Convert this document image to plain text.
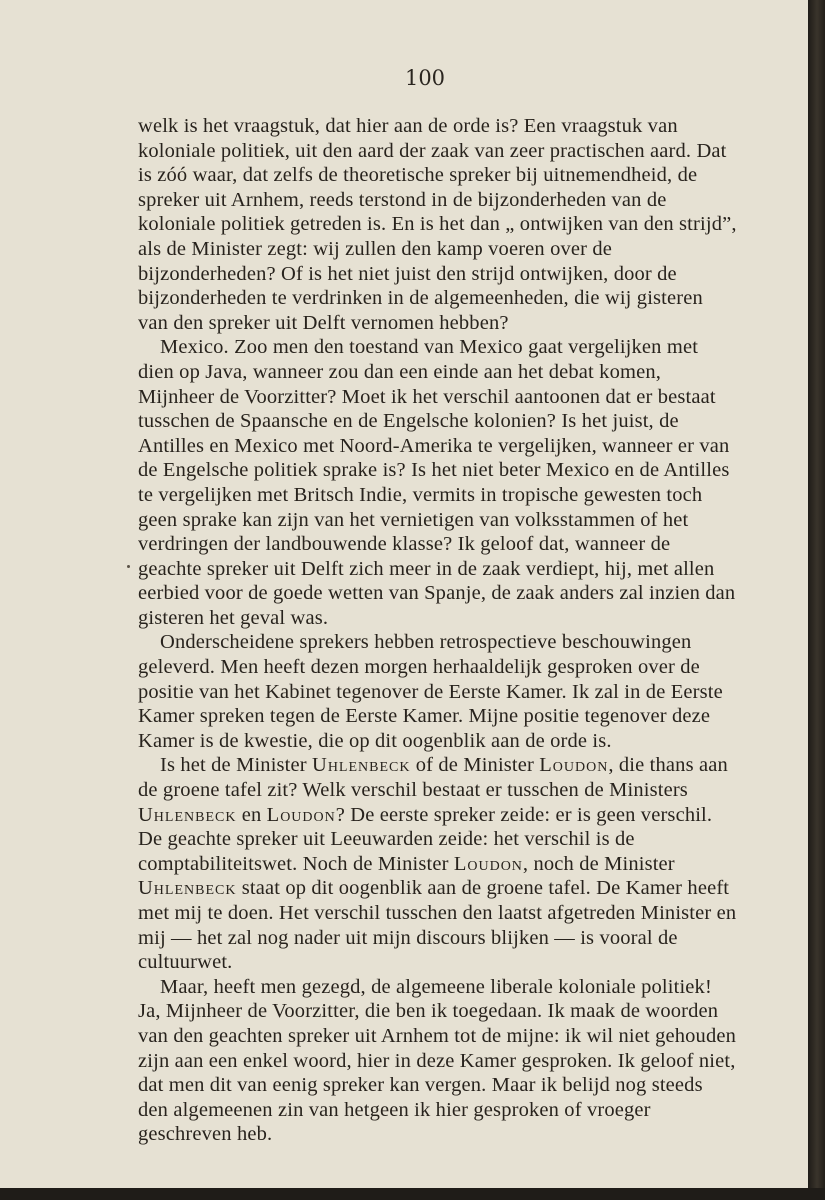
100

welk is het vraagstuk, dat hier aan de orde is? Een vraagstuk van koloniale politiek, uit den aard der zaak van zeer practischen aard. Dat is zóó waar, dat zelfs de theoretische spreker bij uitnemendheid, de spreker uit Arnhem, reeds terstond in de bijzonderheden van de koloniale politiek getreden is. En is het dan „ ontwijken van den strijd”, als de Minister zegt: wij zullen den kamp voeren over de bijzonderheden? Of is het niet juist den strijd ontwijken, door de bijzonderheden te verdrinken in de algemeenheden, die wij gisteren van den spreker uit Delft vernomen hebben?

Mexico. Zoo men den toestand van Mexico gaat vergelijken met dien op Java, wanneer zou dan een einde aan het debat komen, Mijnheer de Voorzitter? Moet ik het verschil aantoonen dat er bestaat tusschen de Spaansche en de Engelsche kolonien? Is het juist, de Antilles en Mexico met Noord-Amerika te vergelijken, wanneer er van de Engelsche politiek sprake is? Is het niet beter Mexico en de Antilles te vergelijken met Britsch Indie, vermits in tropische gewesten toch geen sprake kan zijn van het vernietigen van volksstammen of het verdringen der landbouwende klasse? Ik geloof dat, wanneer de geachte spreker uit Delft zich meer in de zaak verdiept, hij, met allen eerbied voor de goede wetten van Spanje, de zaak anders zal inzien dan gisteren het geval was.

Onderscheidene sprekers hebben retrospectieve beschouwingen geleverd. Men heeft dezen morgen herhaaldelijk gesproken over de positie van het Kabinet tegenover de Eerste Kamer. Ik zal in de Eerste Kamer spreken tegen de Eerste Kamer. Mijne positie tegenover deze Kamer is de kwestie, die op dit oogenblik aan de orde is.

Is het de Minister Uhlenbeck of de Minister Loudon, die thans aan de groene tafel zit? Welk verschil bestaat er tusschen de Ministers Uhlenbeck en Loudon? De eerste spreker zeide: er is geen verschil. De geachte spreker uit Leeuwarden zeide: het verschil is de comptabiliteitswet. Noch de Minister Loudon, noch de Minister Uhlenbeck staat op dit oogenblik aan de groene tafel. De Kamer heeft met mij te doen. Het verschil tusschen den laatst afgetreden Minister en mij — het zal nog nader uit mijn discours blijken — is vooral de cultuurwet.

Maar, heeft men gezegd, de algemeene liberale koloniale politiek! Ja, Mijnheer de Voorzitter, die ben ik toegedaan. Ik maak de woorden van den geachten spreker uit Arnhem tot de mijne: ik wil niet gehouden zijn aan een enkel woord, hier in deze Kamer gesproken. Ik geloof niet, dat men dit van eenig spreker kan vergen. Maar ik belijd nog steeds den algemeenen zin van hetgeen ik hier gesproken of vroeger geschreven heb.
